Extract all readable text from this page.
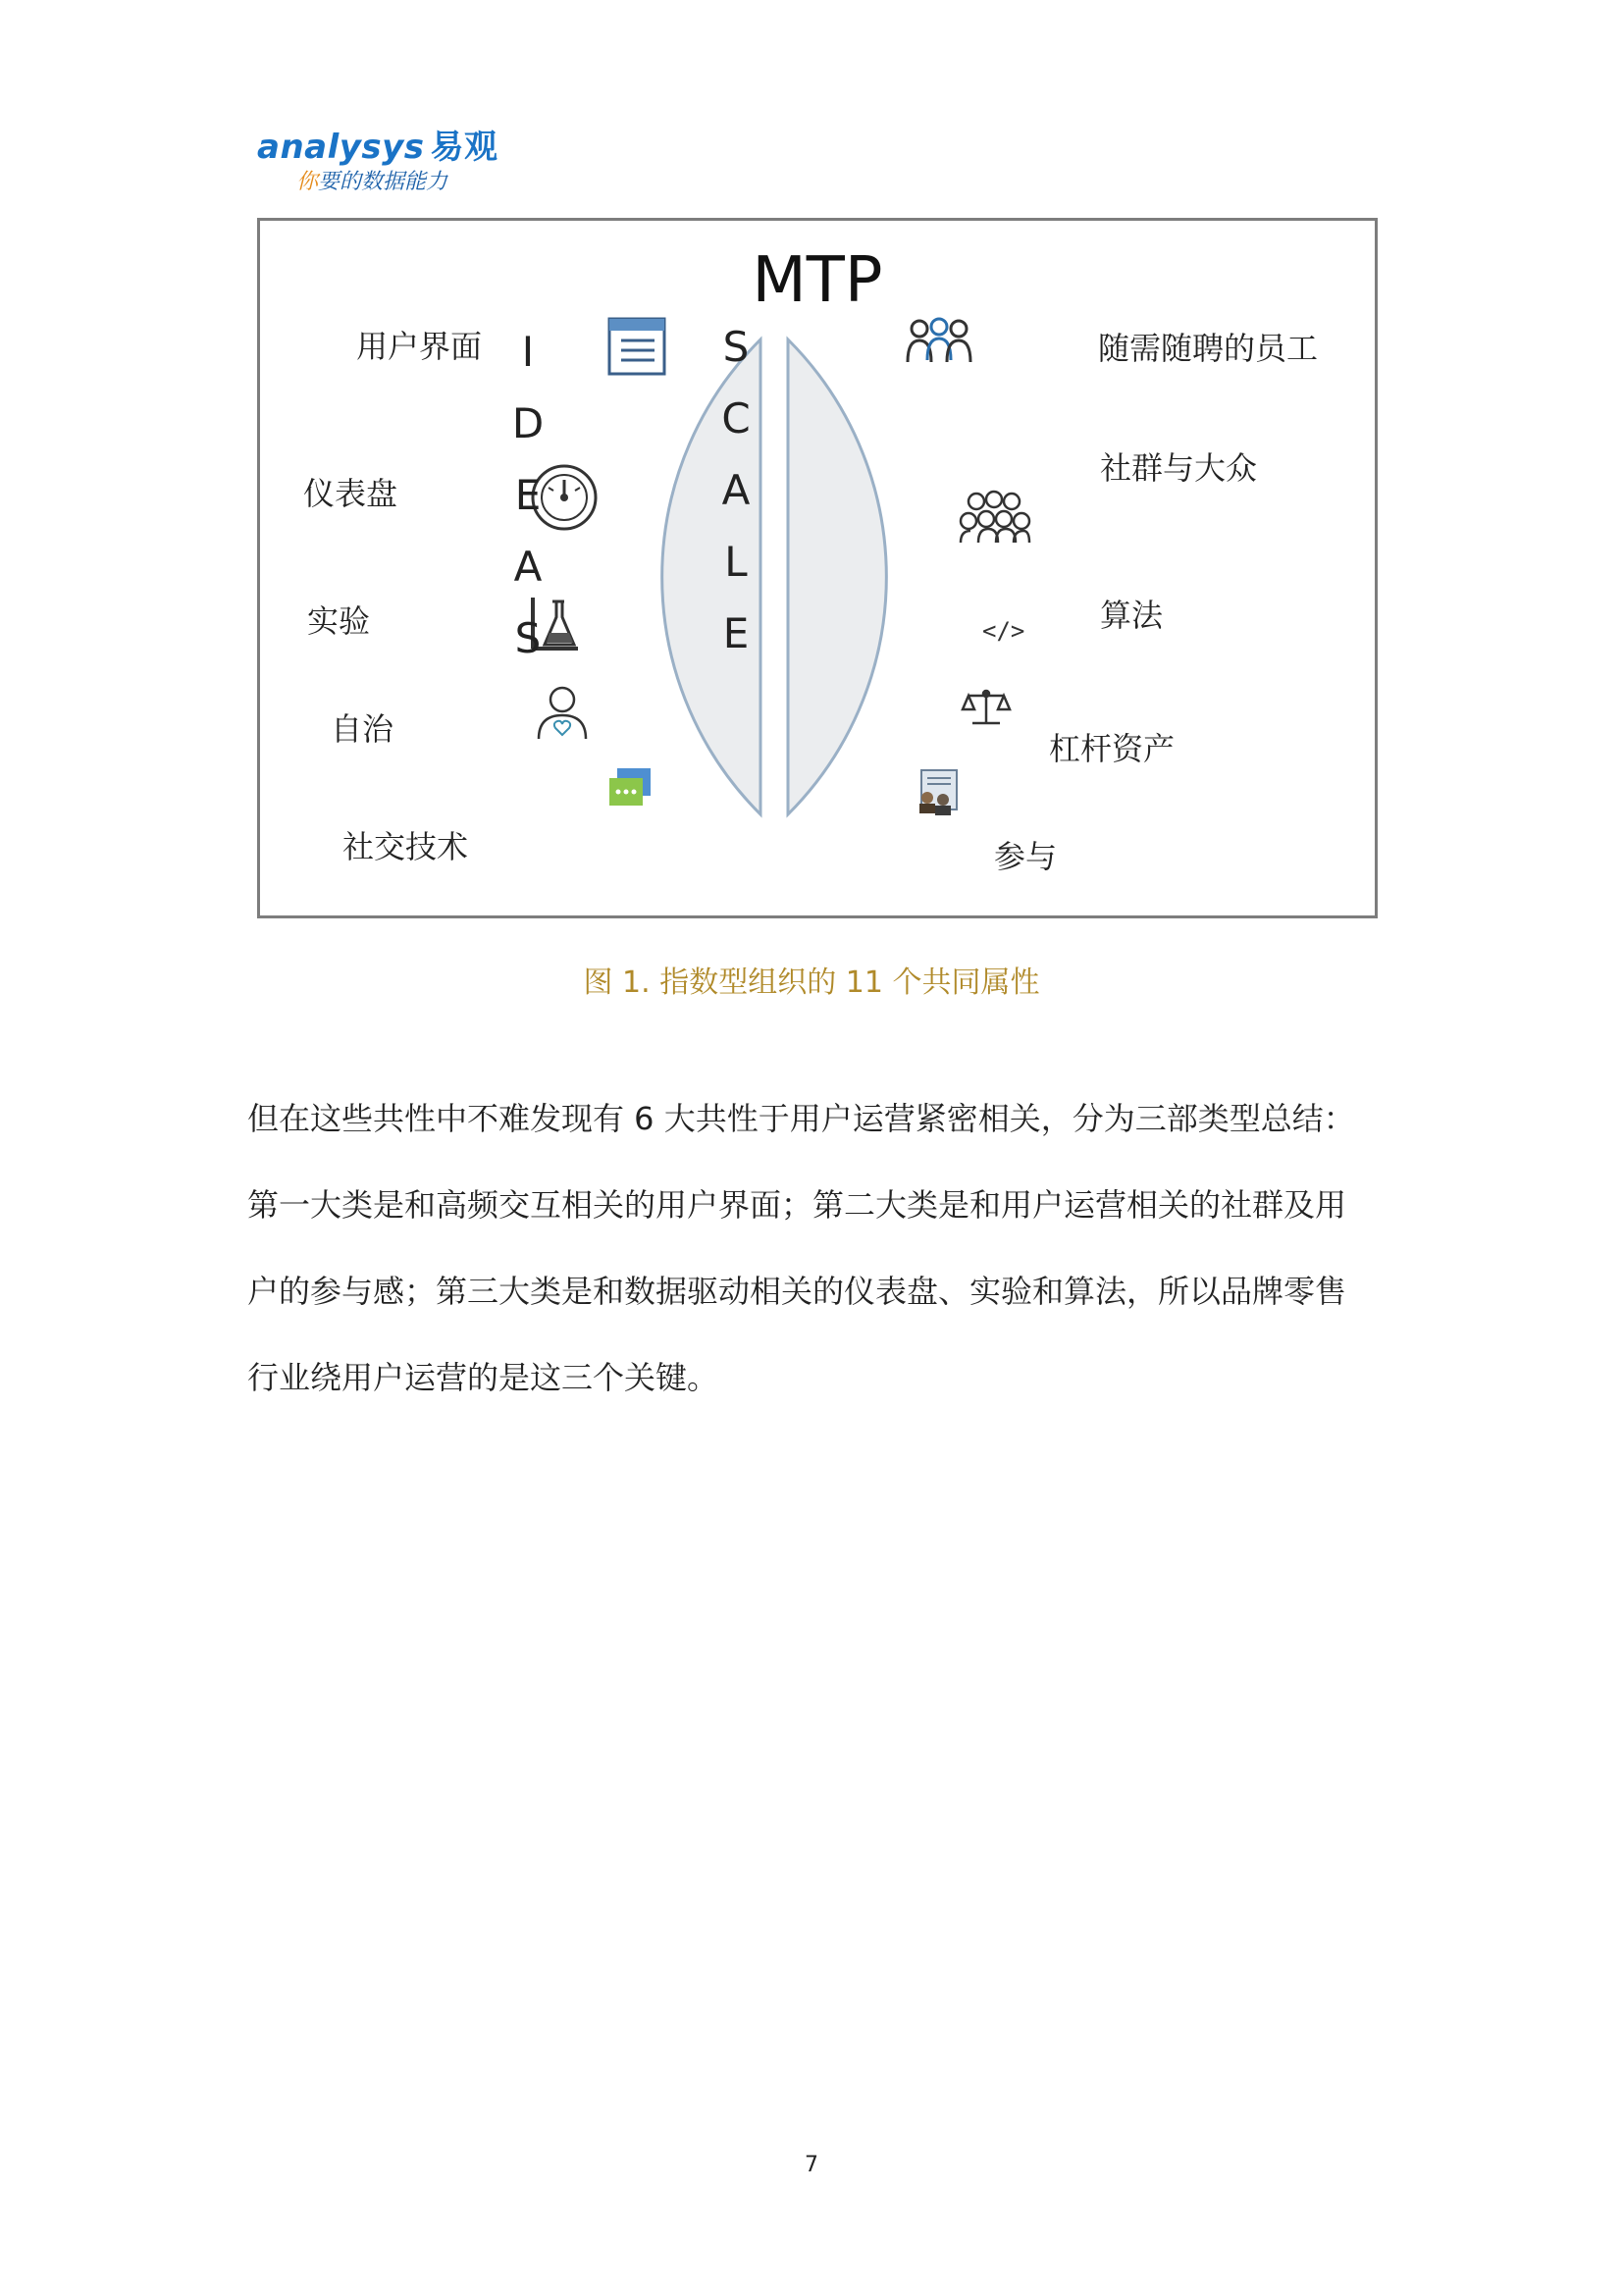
analysys 易观
你要的数据能力
</>
MTP
I
D
E
A
S
S
C
A
L
E
用户界面
仪表盘
实验
自治
社交技术
随需随聘的员工
社群与大众
算法
杠杆资产
参与
图 1. 指数型组织的 11 个共同属性

但在这些共性中不难发现有 6 大共性于用户运营紧密相关，分为三部类型总结：

第一大类是和高频交互相关的用户界面；第二大类是和用户运营相关的社群及用

户的参与感；第三大类是和数据驱动相关的仪表盘、实验和算法，所以品牌零售

行业绕用户运营的是这三个关键。

7
